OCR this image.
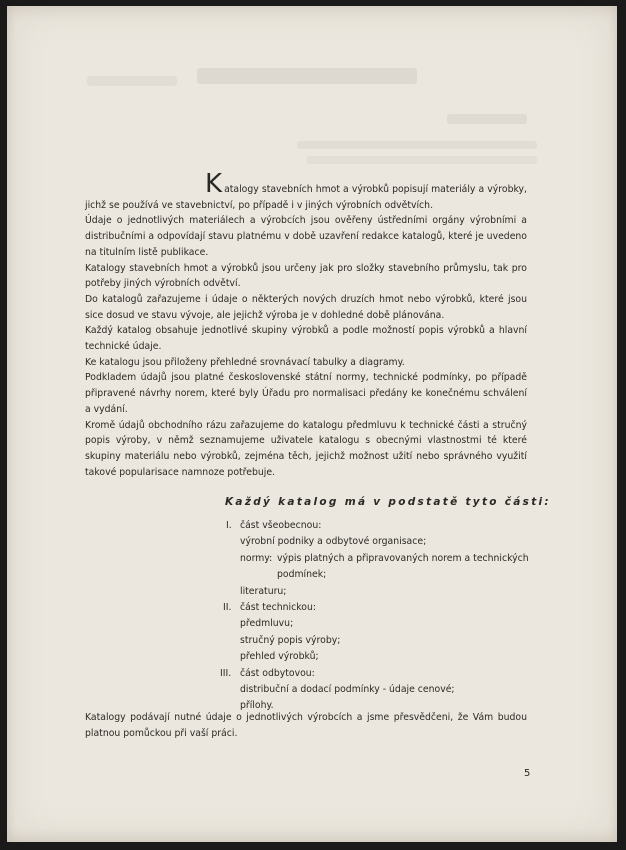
Katalogy stavebních hmot a výrobků popisují materiály a výrobky, jichž se používá ve stavebnictví, po případě i v jiných výrobních odvětvích.

Údaje o jednotlivých materiálech a výrobcích jsou ověřeny ústředními orgány výrobními a distribučními a odpovídají stavu platnému v době uzavření redakce katalogů, které je uvedeno na titulním listě publikace.

Katalogy stavebních hmot a výrobků jsou určeny jak pro složky stavebního průmyslu, tak pro potřeby jiných výrobních odvětví.

Do katalogů zařazujeme i údaje o některých nových druzích hmot nebo výrobků, které jsou sice dosud ve stavu vývoje, ale jejichž výroba je v dohledné době plánována.

Každý katalog obsahuje jednotlivé skupiny výrobků a podle možností popis výrobků a hlavní technické údaje.

Ke katalogu jsou přiloženy přehledné srovnávací tabulky a diagramy.

Podkladem údajů jsou platné československé státní normy, technické podmínky, po případě připravené návrhy norem, které byly Úřadu pro normalisaci předány ke konečnému schválení a vydání.

Kromě údajů obchodního rázu zařazujeme do katalogu předmluvu k technické části a stručný popis výroby, v němž seznamujeme uživatele katalogu s obecnými vlastnostmi té které skupiny materiálu nebo výrobků, zejména těch, jejichž možnost užití nebo správného využití takové popularisace namnoze potřebuje.

Každý katalog má v podstatě tyto části:
I. část všeobecnou:
výrobní podniky a odbytové organisace;
normy: výpis platných a připravovaných norem a technických
podmínek;
literaturu;
II. část technickou:
předmluvu;
stručný popis výroby;
přehled výrobků;
III. část odbytovou:
distribuční a dodací podmínky - údaje cenové;
přílohy.
Katalogy podávají nutné údaje o jednotlivých výrobcích a jsme přesvědčeni, že Vám budou platnou pomůckou při vaší práci.
5
